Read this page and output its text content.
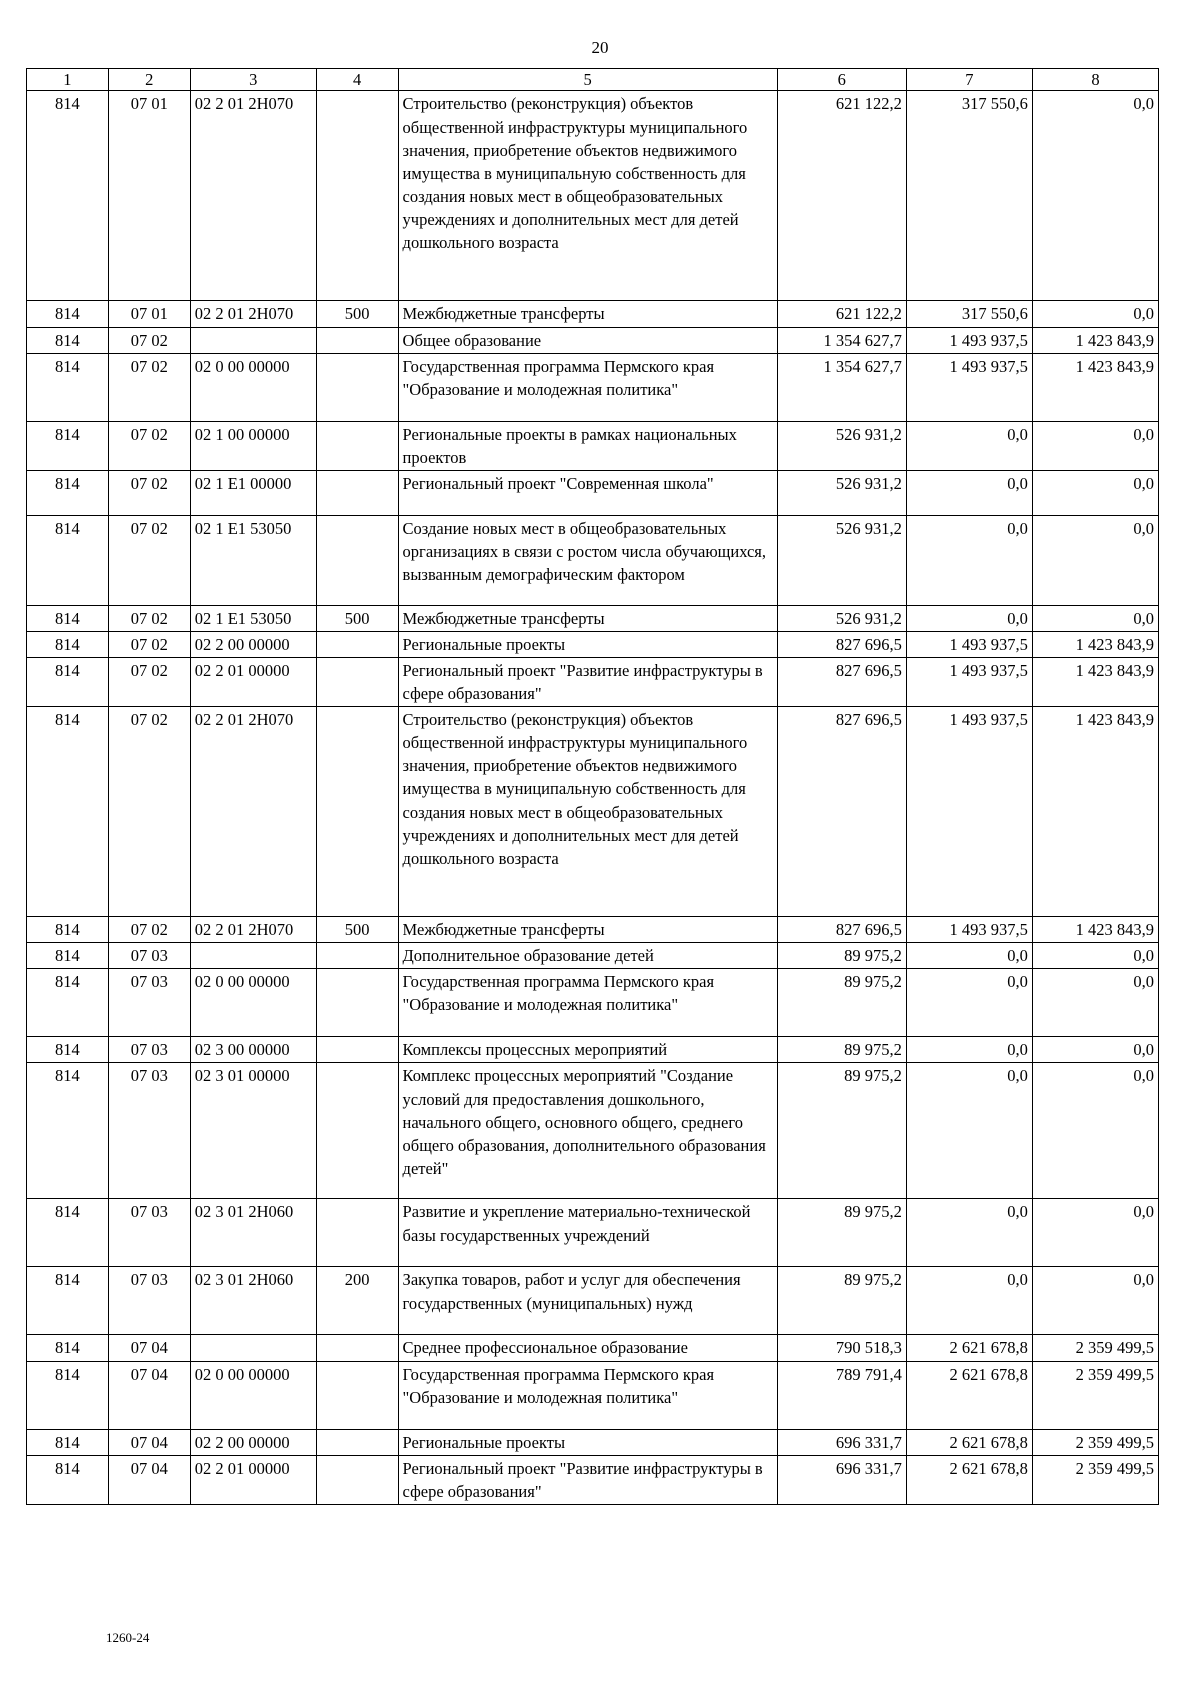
20
1	2	3	4	5	6	7	8
814	07 01	02 2 01 2H070		Строительство (реконструкция) объектов общественной инфраструктуры муниципального значения, приобретение объектов недвижимого имущества в муниципальную собственность для создания новых мест в общеобразовательных учреждениях и дополнительных мест для детей дошкольного возраста	621 122,2	317 550,6	0,0
814	07 01	02 2 01 2H070	500	Межбюджетные трансферты	621 122,2	317 550,6	0,0
814	07 02			Общее образование	1 354 627,7	1 493 937,5	1 423 843,9
814	07 02	02 0 00 00000		Государственная программа Пермского края "Образование и молодежная политика"	1 354 627,7	1 493 937,5	1 423 843,9
814	07 02	02 1 00 00000		Региональные проекты в рамках национальных проектов	526 931,2	0,0	0,0
814	07 02	02 1 E1 00000		Региональный проект "Современная школа"	526 931,2	0,0	0,0
814	07 02	02 1 E1 53050		Создание новых мест в общеобразовательных организациях в связи с ростом числа обучающихся, вызванным демографическим фактором	526 931,2	0,0	0,0
814	07 02	02 1 E1 53050	500	Межбюджетные трансферты	526 931,2	0,0	0,0
814	07 02	02 2 00 00000		Региональные проекты	827 696,5	1 493 937,5	1 423 843,9
814	07 02	02 2 01 00000		Региональный проект "Развитие инфраструктуры в сфере образования"	827 696,5	1 493 937,5	1 423 843,9
814	07 02	02 2 01 2H070		Строительство (реконструкция) объектов общественной инфраструктуры муниципального значения, приобретение объектов недвижимого имущества в муниципальную собственность для создания новых мест в общеобразовательных учреждениях и дополнительных мест для детей дошкольного возраста	827 696,5	1 493 937,5	1 423 843,9
814	07 02	02 2 01 2H070	500	Межбюджетные трансферты	827 696,5	1 493 937,5	1 423 843,9
814	07 03			Дополнительное образование детей	89 975,2	0,0	0,0
814	07 03	02 0 00 00000		Государственная программа Пермского края "Образование и молодежная политика"	89 975,2	0,0	0,0
814	07 03	02 3 00 00000		Комплексы процессных мероприятий	89 975,2	0,0	0,0
814	07 03	02 3 01 00000		Комплекс процессных мероприятий "Создание условий для предоставления дошкольного, начального общего, основного общего, среднего общего образования, дополнительного образования детей"	89 975,2	0,0	0,0
814	07 03	02 3 01 2H060		Развитие и укрепление материально-технической базы государственных учреждений	89 975,2	0,0	0,0
814	07 03	02 3 01 2H060	200	Закупка товаров, работ и услуг для обеспечения государственных (муниципальных) нужд	89 975,2	0,0	0,0
814	07 04			Среднее профессиональное образование	790 518,3	2 621 678,8	2 359 499,5
814	07 04	02 0 00 00000		Государственная программа Пермского края "Образование и молодежная политика"	789 791,4	2 621 678,8	2 359 499,5
814	07 04	02 2 00 00000		Региональные проекты	696 331,7	2 621 678,8	2 359 499,5
814	07 04	02 2 01 00000		Региональный проект "Развитие инфраструктуры в сфере образования"	696 331,7	2 621 678,8	2 359 499,5
1260-24
